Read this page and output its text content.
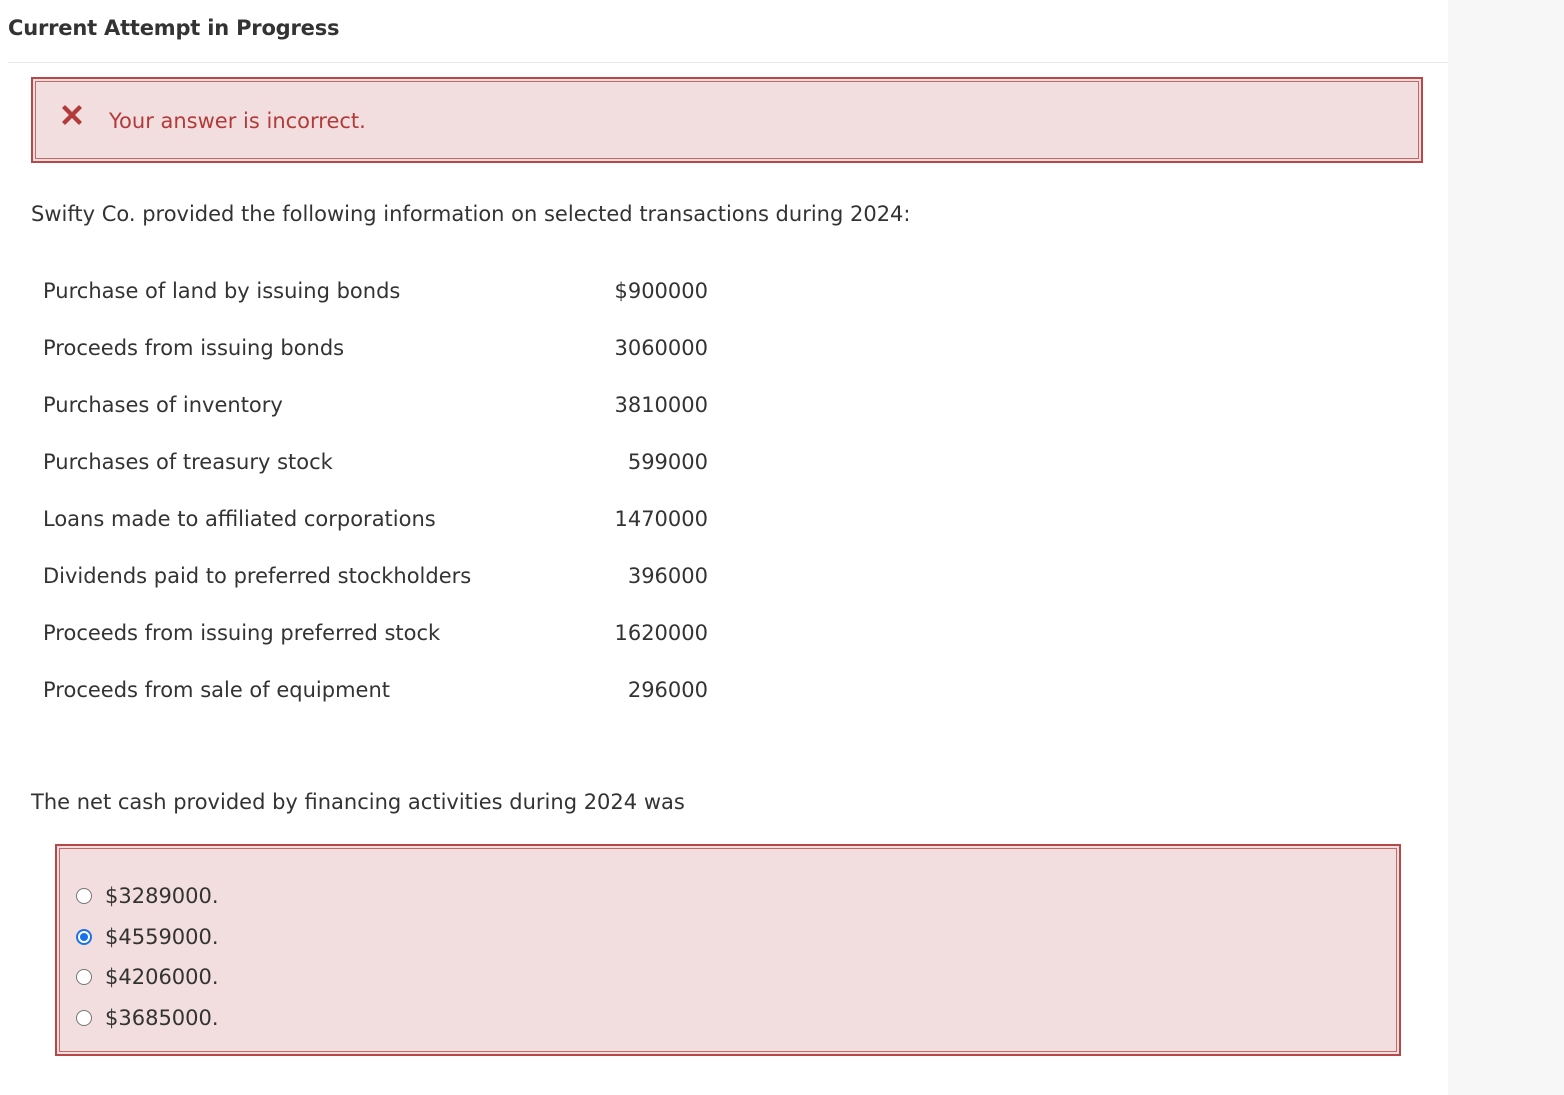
Current Attempt in Progress
Your answer is incorrect.
Swifty Co. provided the following information on selected transactions during 2024:
Purchase of land by issuing bonds	$900000
Proceeds from issuing bonds	3060000
Purchases of inventory	3810000
Purchases of treasury stock	599000
Loans made to affiliated corporations	1470000
Dividends paid to preferred stockholders	396000
Proceeds from issuing preferred stock	1620000
Proceeds from sale of equipment	296000
The net cash provided by financing activities during 2024 was
$3289000.
$4559000.
$4206000.
$3685000.
